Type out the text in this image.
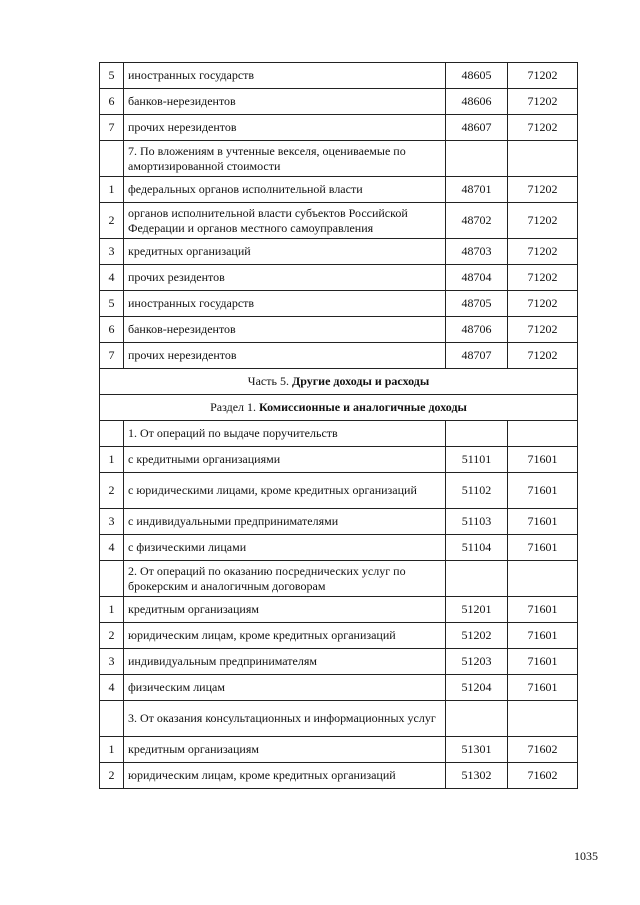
5	иностранных государств	48605	71202
6	банков-нерезидентов	48606	71202
7	прочих нерезидентов	48607	71202
	7. По вложениям в учтенные векселя, оцениваемые по амортизированной стоимости		
1	федеральных органов исполнительной власти	48701	71202
2	органов исполнительной власти субъектов Российской Федерации и органов местного самоуправления	48702	71202
3	кредитных организаций	48703	71202
4	прочих резидентов	48704	71202
5	иностранных государств	48705	71202
6	банков-нерезидентов	48706	71202
7	прочих нерезидентов	48707	71202
Часть 5. Другие доходы и расходы			
Раздел 1. Комиссионные и аналогичные доходы			
	1. От операций по выдаче поручительств		
1	с кредитными организациями	51101	71601
2	с юридическими лицами, кроме кредитных организаций	51102	71601
3	с индивидуальными предпринимателями	51103	71601
4	с физическими лицами	51104	71601
	2. От операций по оказанию посреднических услуг по брокерским и аналогичным договорам		
1	кредитным организациям	51201	71601
2	юридическим лицам, кроме кредитных организаций	51202	71601
3	индивидуальным предпринимателям	51203	71601
4	физическим лицам	51204	71601
	3. От оказания консультационных и информационных услуг		
1	кредитным организациям	51301	71602
2	юридическим лицам, кроме кредитных организаций	51302	71602
1035
